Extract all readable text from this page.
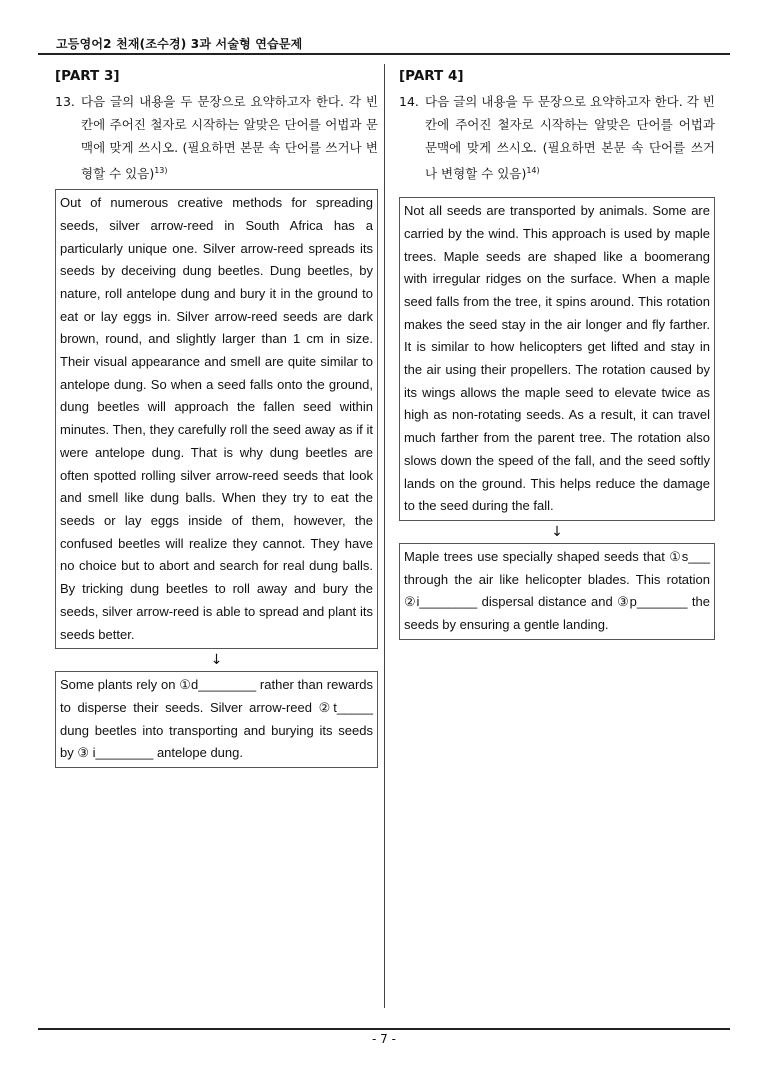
고등영어2 천재(조수경) 3과 서술형 연습문제
[PART 3]
13. 다음 글의 내용을 두 문장으로 요약하고자 한다. 각 빈칸에 주어진 철자로 시작하는 알맞은 단어를 어법과 문맥에 맞게 쓰시오. (필요하면 본문 속 단어를 쓰거나 변형할 수 있음)$^{13)}$
Out of numerous creative methods for spreading seeds, silver arrow-reed in South Africa has a particularly unique one. Silver arrow-reed spreads its seeds by deceiving dung beetles. Dung beetles, by nature, roll antelope dung and bury it in the ground to eat or lay eggs in. Silver arrow-reed seeds are dark brown, round, and slightly larger than 1 cm in size. Their visual appearance and smell are quite similar to antelope dung. So when a seed falls onto the ground, dung beetles will approach the fallen seed within minutes. Then, they carefully roll the seed away as if it were antelope dung. That is why dung beetles are often spotted rolling silver arrow-reed seeds that look and smell like dung balls. When they try to eat the seeds or lay eggs inside of them, however, the confused beetles will realize they cannot. They have no choice but to abort and search for real dung balls. By tricking dung beetles to roll away and bury the seeds, silver arrow-reed is able to spread and plant its seeds better.
↓
Some plants rely on ①d________ rather than rewards to disperse their seeds. Silver arrow-reed ②t_____ dung beetles into transporting and burying its seeds by ③ i________ antelope dung.
[PART 4]
14. 다음 글의 내용을 두 문장으로 요약하고자 한다. 각 빈칸에 주어진 철자로 시작하는 알맞은 단어를 어법과 문맥에 맞게 쓰시오. (필요하면 본문 속 단어를 쓰거나 변형할 수 있음)$^{14)}$
Not all seeds are transported by animals. Some are carried by the wind. This approach is used by maple trees. Maple seeds are shaped like a boomerang with irregular ridges on the surface. When a maple seed falls from the tree, it spins around. This rotation makes the seed stay in the air longer and fly farther. It is similar to how helicopters get lifted and stay in the air using their propellers. The rotation caused by its wings allows the maple seed to elevate twice as high as non-rotating seeds. As a result, it can travel much farther from the parent tree. The rotation also slows down the speed of the fall, and the seed softly lands on the ground. This helps reduce the damage to the seed during the fall.
↓
Maple trees use specially shaped seeds that ①s___ through the air like helicopter blades. This rotation ②i________ dispersal distance and ③p_______ the seeds by ensuring a gentle landing.
- 7 -
